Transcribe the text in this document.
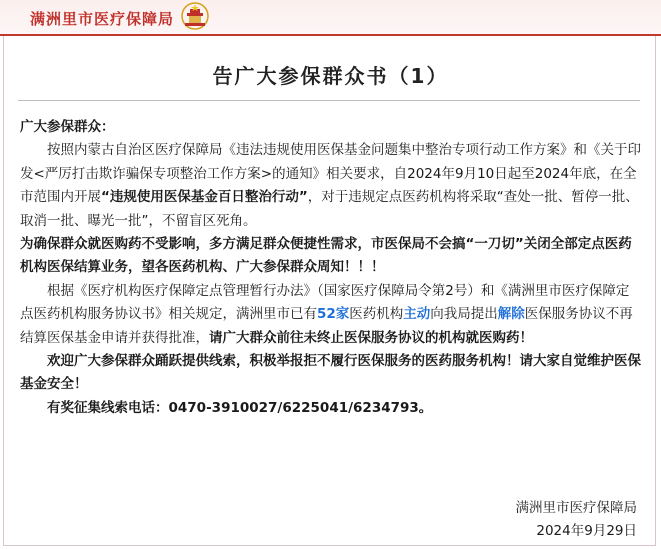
满洲里市医疗保障局
告广大参保群众书（1）

广大参保群众：

按照内蒙古自治区医疗保障局《违法违规使用医保基金问题集中整治专项行动工作方案》和《关于印发<严厉打击欺诈骗保专项整治工作方案>的通知》相关要求，自2024年9月10日起至2024年底，在全市范围内开展“违规使用医保基金百日整治行动”，对于违规定点医药机构将采取“查处一批、暂停一批、取消一批、曝光一批”，不留盲区死角。

为确保群众就医购药不受影响，多方满足群众便捷性需求，市医保局不会搞“一刀切”关闭全部定点医药机构医保结算业务，望各医药机构、广大参保群众周知！！！

根据《医疗机构医疗保障定点管理暂行办法》（国家医疗保障局令第2号）和《满洲里市医疗保障定点医药机构服务协议书》相关规定，满洲里市已有52家医药机构主动向我局提出解除医保服务协议不再结算医保基金申请并获得批准，请广大群众前往未终止医保服务协议的机构就医购药！

欢迎广大参保群众踊跃提供线索，积极举报拒不履行医保服务的医药服务机构！请大家自觉维护医保基金安全！

有奖征集线索电话：0470-3910027/6225041/6234793。

满洲里市医疗保障局
2024年9月29日
